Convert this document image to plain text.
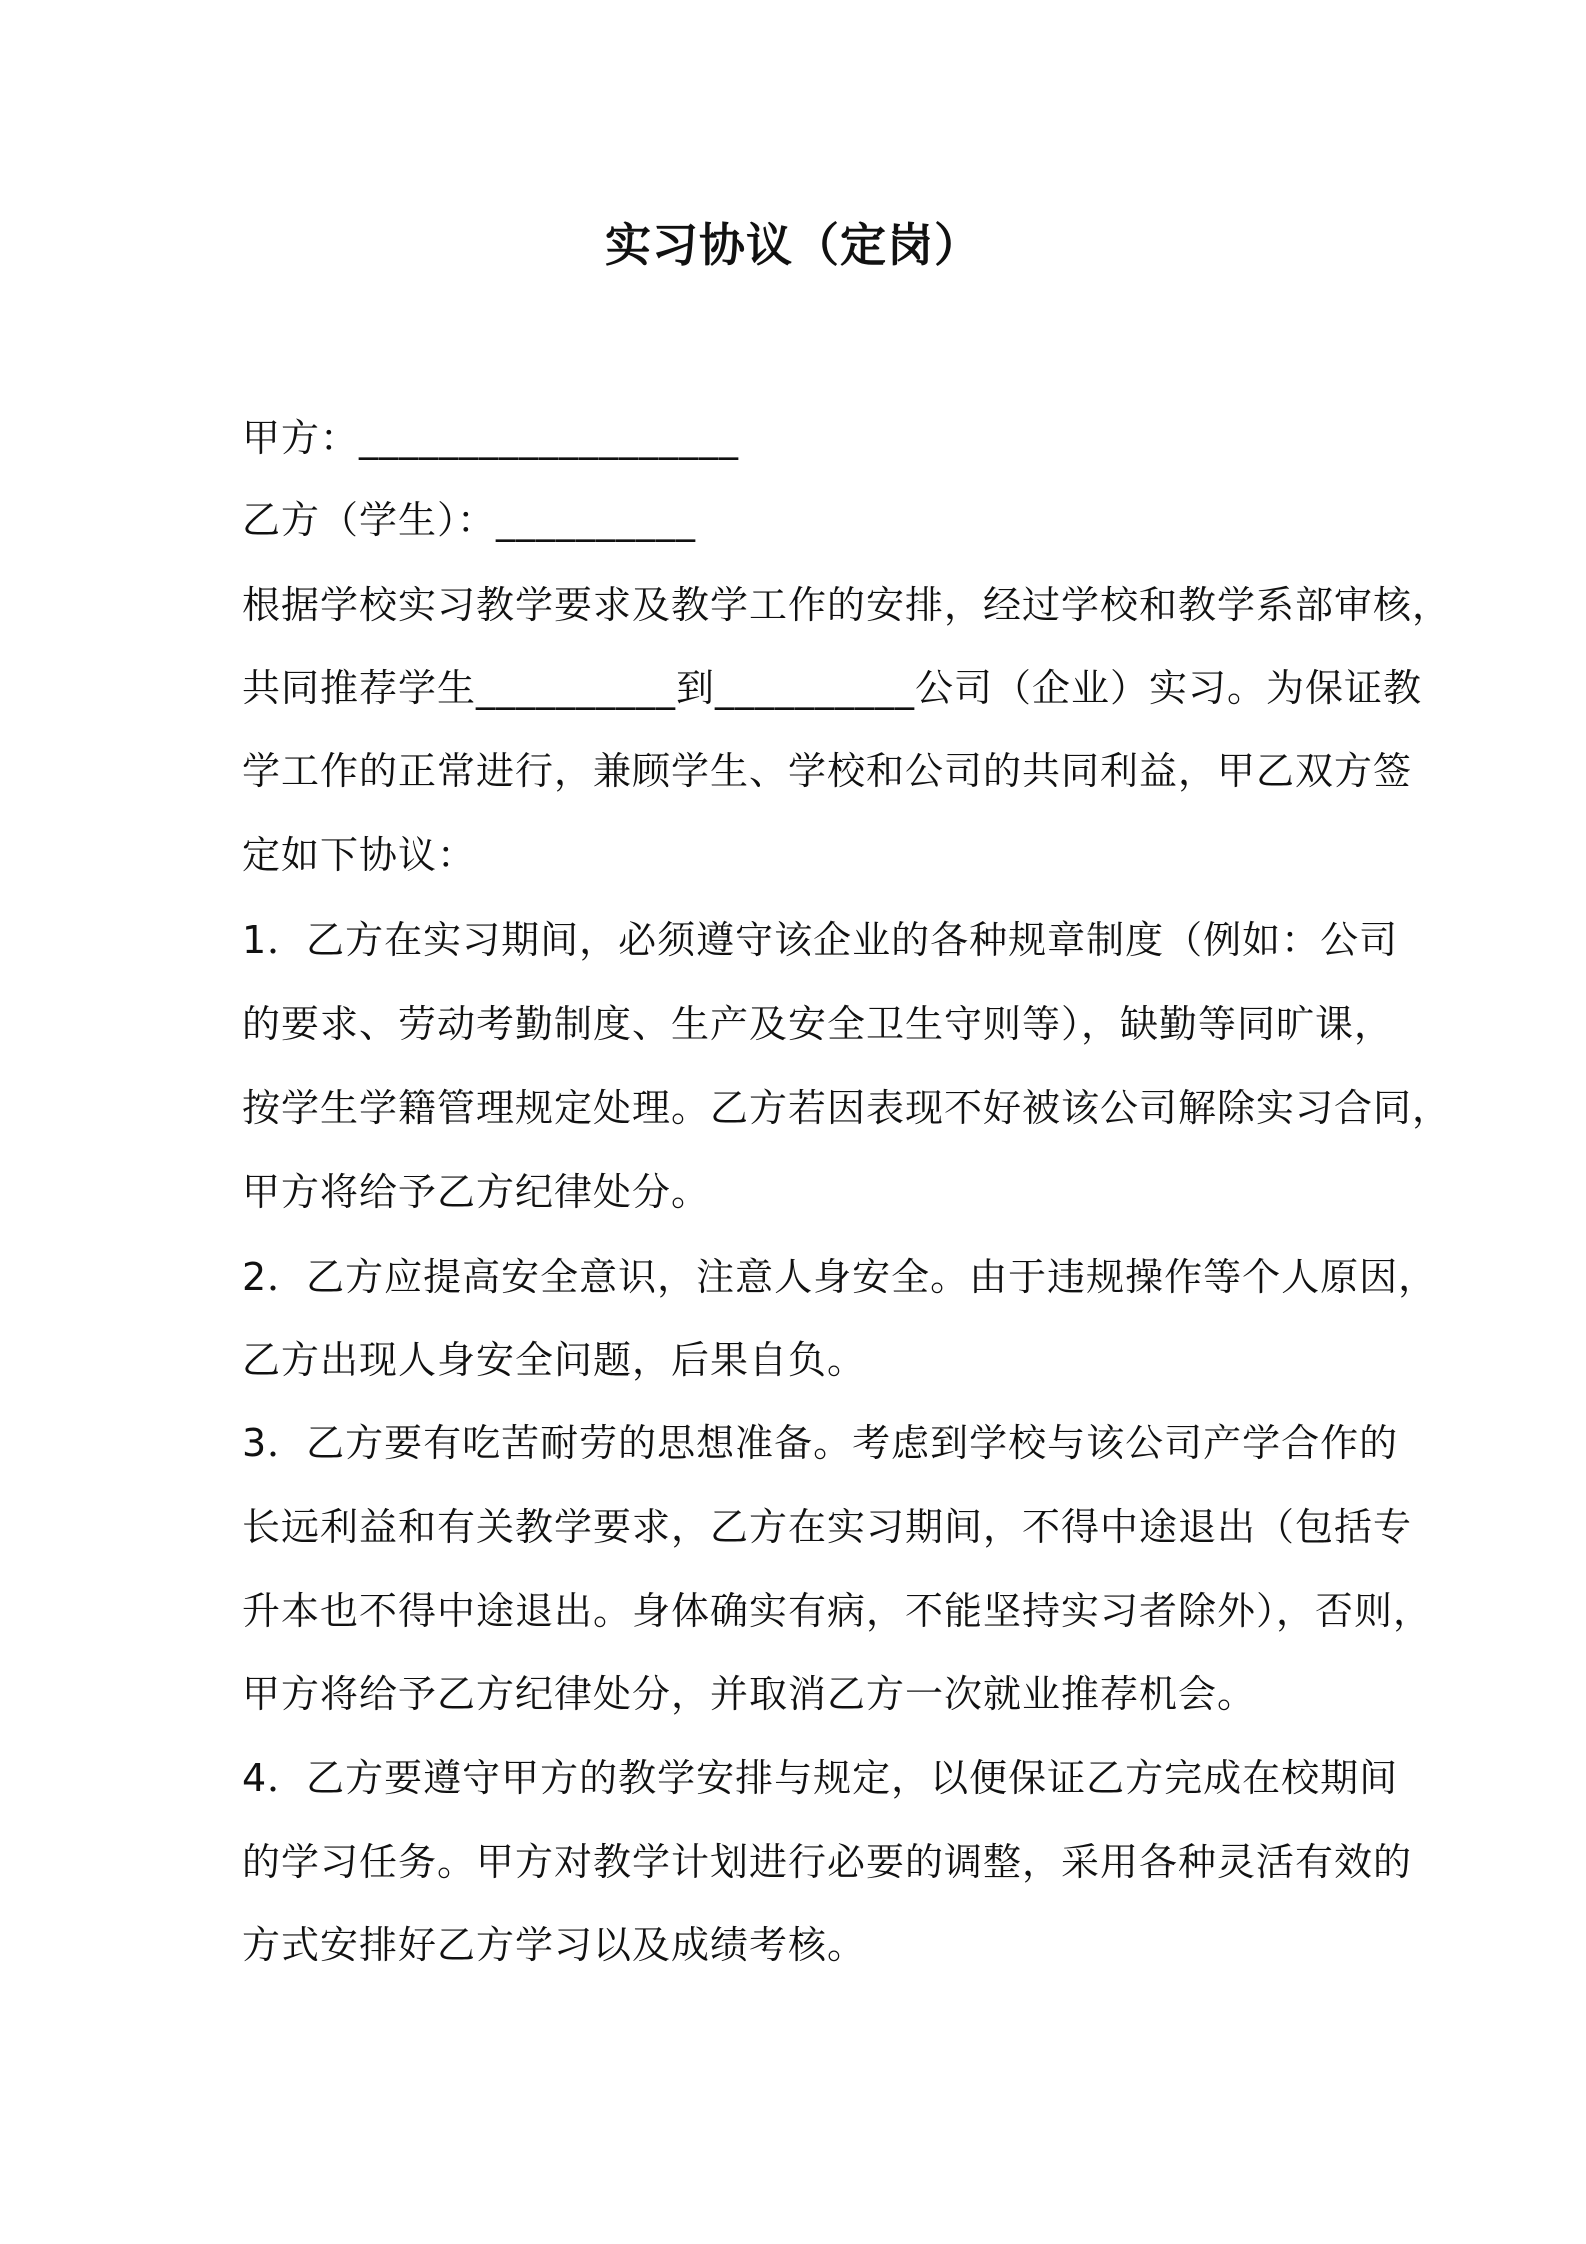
实习协议（定岗）
甲方：___________________
乙方（学生）：__________
根据学校实习教学要求及教学工作的安排，经过学校和教学系部审核，
共同推荐学生__________到__________公司（企业）实习。为保证教
学工作的正常进行，兼顾学生、学校和公司的共同利益，甲乙双方签
定如下协议：
1．乙方在实习期间，必须遵守该企业的各种规章制度（例如：公司
的要求、劳动考勤制度、生产及安全卫生守则等），缺勤等同旷课，
按学生学籍管理规定处理。乙方若因表现不好被该公司解除实习合同，
甲方将给予乙方纪律处分。
2．乙方应提高安全意识，注意人身安全。由于违规操作等个人原因，
乙方出现人身安全问题，后果自负。
3．乙方要有吃苦耐劳的思想准备。考虑到学校与该公司产学合作的
长远利益和有关教学要求，乙方在实习期间，不得中途退出（包括专
升本也不得中途退出。身体确实有病，不能坚持实习者除外），否则，
甲方将给予乙方纪律处分，并取消乙方一次就业推荐机会。
4．乙方要遵守甲方的教学安排与规定，以便保证乙方完成在校期间
的学习任务。甲方对教学计划进行必要的调整，采用各种灵活有效的
方式安排好乙方学习以及成绩考核。
